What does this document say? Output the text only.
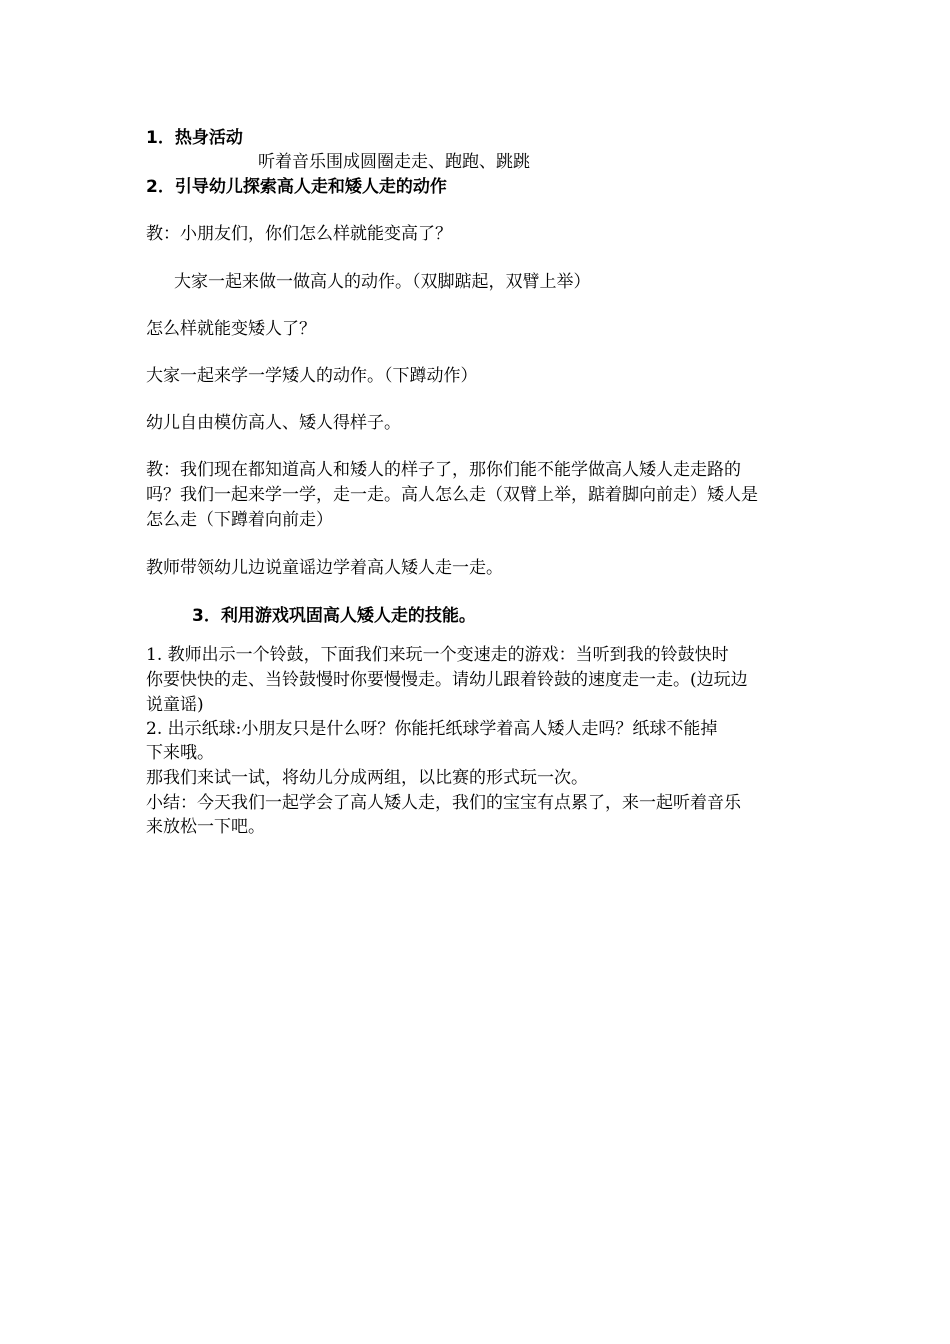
1．热身活动
听着音乐围成圆圈走走、跑跑、跳跳
2．引导幼儿探索高人走和矮人走的动作
教：小朋友们，你们怎么样就能变高了？
大家一起来做一做高人的动作。（双脚踮起，双臂上举）
怎么样就能变矮人了？
大家一起来学一学矮人的动作。（下蹲动作）
幼儿自由模仿高人、矮人得样子。
教：我们现在都知道高人和矮人的样子了，那你们能不能学做高人矮人走走路的
吗？我们一起来学一学，走一走。高人怎么走（双臂上举，踮着脚向前走）矮人是
怎么走（下蹲着向前走）
教师带领幼儿边说童谣边学着高人矮人走一走。
3．利用游戏巩固高人矮人走的技能。
1. 教师出示一个铃鼓，下面我们来玩一个变速走的游戏：当听到我的铃鼓快时
你要快快的走、当铃鼓慢时你要慢慢走。请幼儿跟着铃鼓的速度走一走。(边玩边
说童谣)
2. 出示纸球:小朋友只是什么呀？你能托纸球学着高人矮人走吗？纸球不能掉
下来哦。
那我们来试一试，将幼儿分成两组，以比赛的形式玩一次。
小结：今天我们一起学会了高人矮人走，我们的宝宝有点累了，来一起听着音乐
来放松一下吧。
